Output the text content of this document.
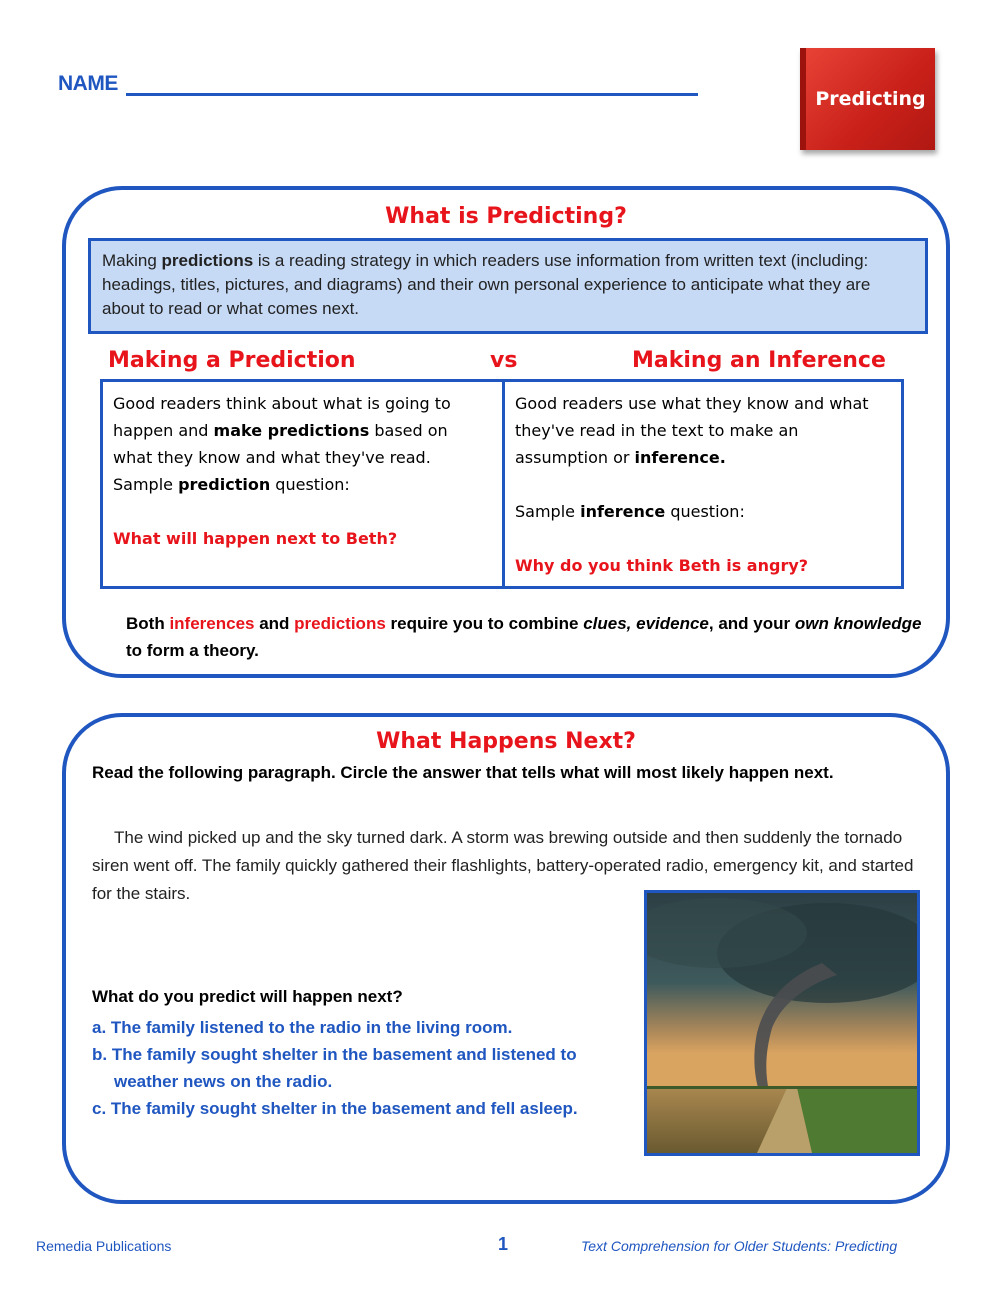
NAME
Predicting
What is Predicting?
Making predictions is a reading strategy in which readers use information from written text (including: headings, titles, pictures, and diagrams) and their own personal experience to anticipate what they are about to read or what comes next.
Making a Prediction	vs	Making an Inference
Good readers think about what is going to happen and make predictions based on what they know and what they've read.
Sample prediction question:
What will happen next to Beth?
Good readers use what they know and what they've read in the text to make an assumption or inference.
Sample inference question:
Why do you think Beth is angry?
Both inferences and predictions require you to combine clues, evidence, and your own knowledge to form a theory.
What Happens Next?
Read the following paragraph. Circle the answer that tells what will most likely happen next.
The wind picked up and the sky turned dark. A storm was brewing outside and then suddenly the tornado siren went off. The family quickly gathered their flashlights, battery-operated radio, emergency kit, and started for the stairs.
What do you predict will happen next?
a. The family listened to the radio in the living room.
b. The family sought shelter in the basement and listened to weather news on the radio.
c. The family sought shelter in the basement and fell asleep.
Remedia Publications	1	Text Comprehension for Older Students: Predicting
